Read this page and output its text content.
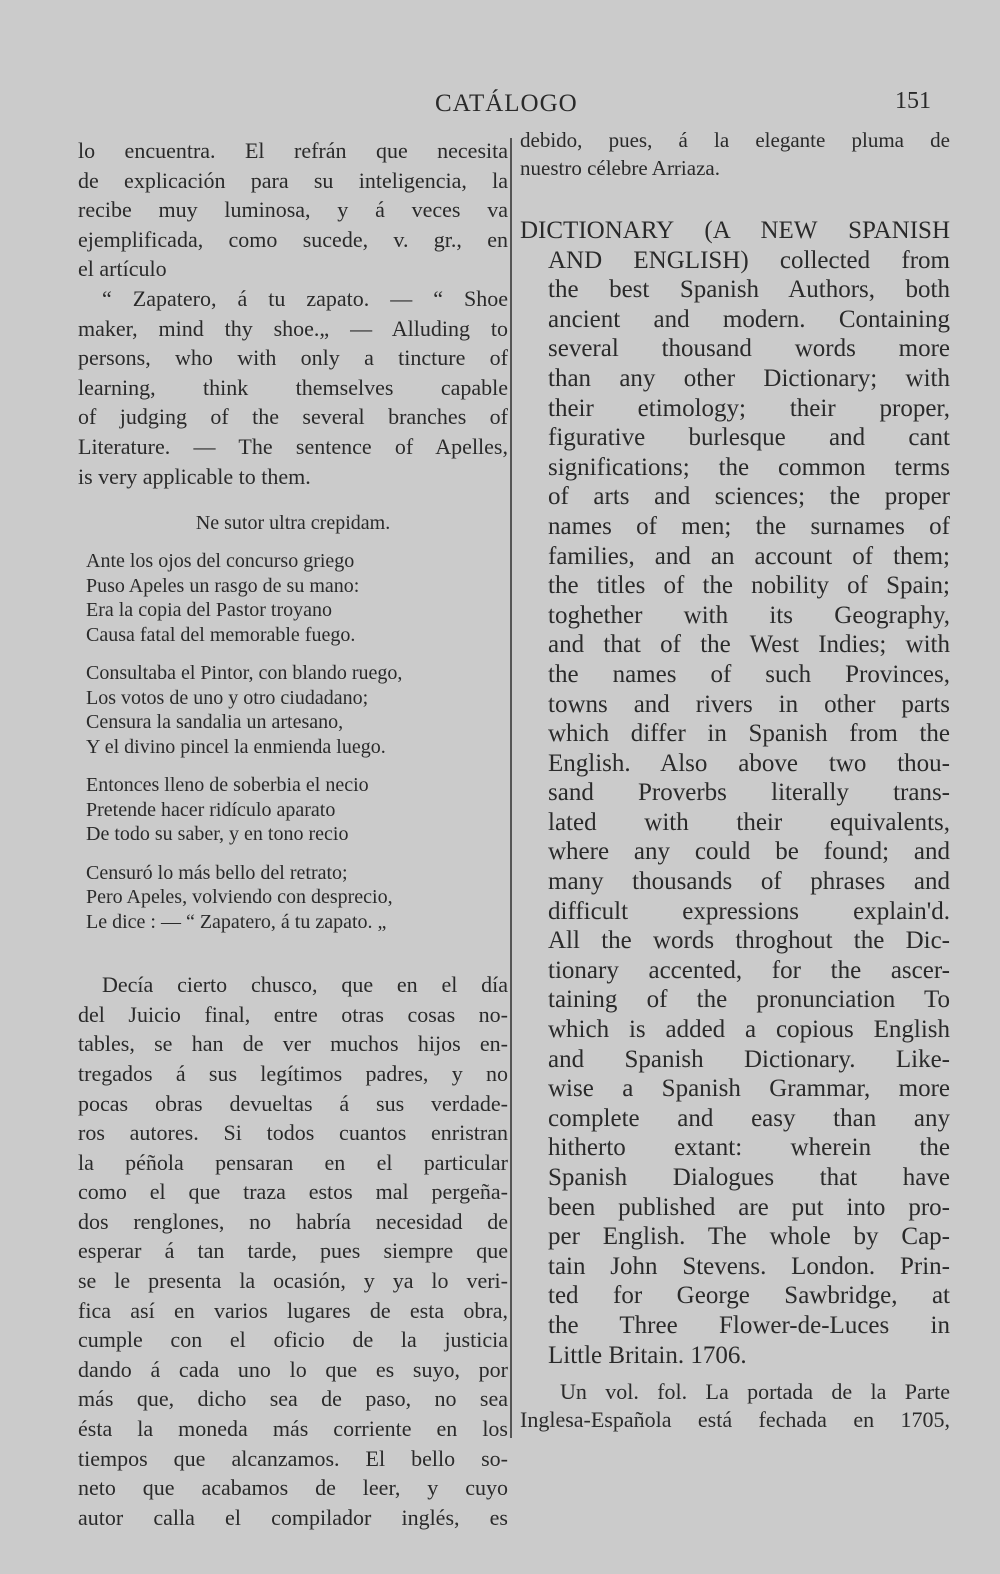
CATÁLOGO	151
lo encuentra. El refrán que necesita
de explicación para su inteligencia, la
recibe muy luminosa, y á veces va
ejemplificada, como sucede, v. gr., en
el artículo
“ Zapatero, á tu zapato. — “ Shoe
maker, mind thy shoe.„ — Alluding to
persons, who with only a tincture of
learning, think themselves capable
of judging of the several branches of
Literature. — The sentence of Apelles,
is very applicable to them.
Ne sutor ultra crepidam.
Ante los ojos del concurso griego
Puso Apeles un rasgo de su mano:
Era la copia del Pastor troyano
Causa fatal del memorable fuego.
Consultaba el Pintor, con blando ruego,
Los votos de uno y otro ciudadano;
Censura la sandalia un artesano,
Y el divino pincel la enmienda luego.
Entonces lleno de soberbia el necio
Pretende hacer ridículo aparato
De todo su saber, y en tono recio
Censuró lo más bello del retrato;
Pero Apeles, volviendo con desprecio,
Le dice : — “ Zapatero, á tu zapato. „
Decía cierto chusco, que en el día
del Juicio final, entre otras cosas no-
tables, se han de ver muchos hijos en-
tregados á sus legítimos padres, y no
pocas obras devueltas á sus verdade-
ros autores. Si todos cuantos enristran
la péñola pensaran en el particular
como el que traza estos mal pergeña-
dos renglones, no habría necesidad de
esperar á tan tarde, pues siempre que
se le presenta la ocasión, y ya lo veri-
fica así en varios lugares de esta obra,
cumple con el oficio de la justicia
dando á cada uno lo que es suyo, por
más que, dicho sea de paso, no sea
ésta la moneda más corriente en los
tiempos que alcanzamos. El bello so-
neto que acabamos de leer, y cuyo
autor calla el compilador inglés, es
debido, pues, á la elegante pluma de
nuestro célebre Arriaza.
DICTIONARY (A NEW SPANISH
AND ENGLISH) collected from
the best Spanish Authors, both
ancient and modern. Containing
several thousand words more
than any other Dictionary; with
their etimology; their proper,
figurative burlesque and cant
significations; the common terms
of arts and sciences; the proper
names of men; the surnames of
families, and an account of them;
the titles of the nobility of Spain;
toghether with its Geography,
and that of the West Indies; with
the names of such Provinces,
towns and rivers in other parts
which differ in Spanish from the
English. Also above two thou-
sand Proverbs literally trans-
lated with their equivalents,
where any could be found; and
many thousands of phrases and
difficult expressions explain'd.
All the words throghout the Dic-
tionary accented, for the ascer-
taining of the pronunciation To
which is added a copious English
and Spanish Dictionary. Like-
wise a Spanish Grammar, more
complete and easy than any
hitherto extant: wherein the
Spanish Dialogues that have
been published are put into pro-
per English. The whole by Cap-
tain John Stevens. London. Prin-
ted for George Sawbridge, at
the Three Flower-de-Luces in
Little Britain. 1706.
Un vol. fol. La portada de la Parte
Inglesa-Española está fechada en 1705,
